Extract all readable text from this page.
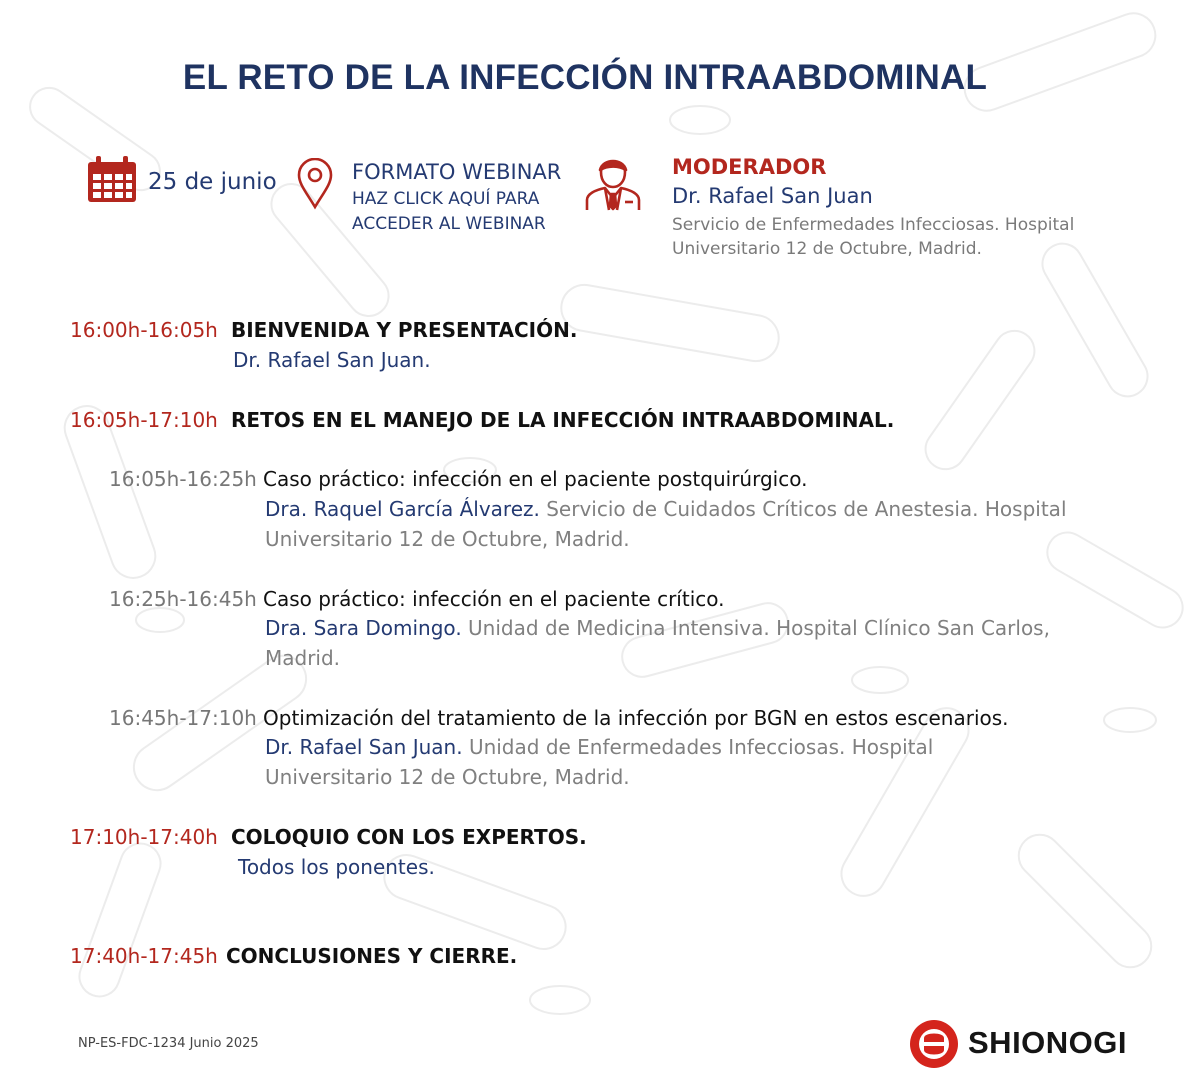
EL RETO DE LA INFECCIÓN INTRAABDOMINAL
25 de junio	FORMATO WEBINAR
HAZ CLICK AQUÍ PARA
ACCEDER AL WEBINAR
MODERADOR
Dr. Rafael San Juan
Servicio de Enfermedades Infecciosas. Hospital
Universitario 12 de Octubre, Madrid.
16:00h-16:05h BIENVENIDA Y PRESENTACIÓN.
Dr. Rafael San Juan.
16:05h-17:10h RETOS EN EL MANEJO DE LA INFECCIÓN INTRAABDOMINAL.
16:05h-16:25h Caso práctico: infección en el paciente postquirúrgico.
Dra. Raquel García Álvarez. Servicio de Cuidados Críticos de Anestesia. Hospital
Universitario 12 de Octubre, Madrid.
16:25h-16:45h Caso práctico: infección en el paciente crítico.
Dra. Sara Domingo. Unidad de Medicina Intensiva. Hospital Clínico San Carlos,
Madrid.
16:45h-17:10h Optimización del tratamiento de la infección por BGN en estos escenarios.
Dr. Rafael San Juan. Unidad de Enfermedades Infecciosas. Hospital
Universitario 12 de Octubre, Madrid.
17:10h-17:40h COLOQUIO CON LOS EXPERTOS.
Todos los ponentes.
17:40h-17:45h CONCLUSIONES Y CIERRE.
NP-ES-FDC-1234 Junio 2025	SHIONOGI
